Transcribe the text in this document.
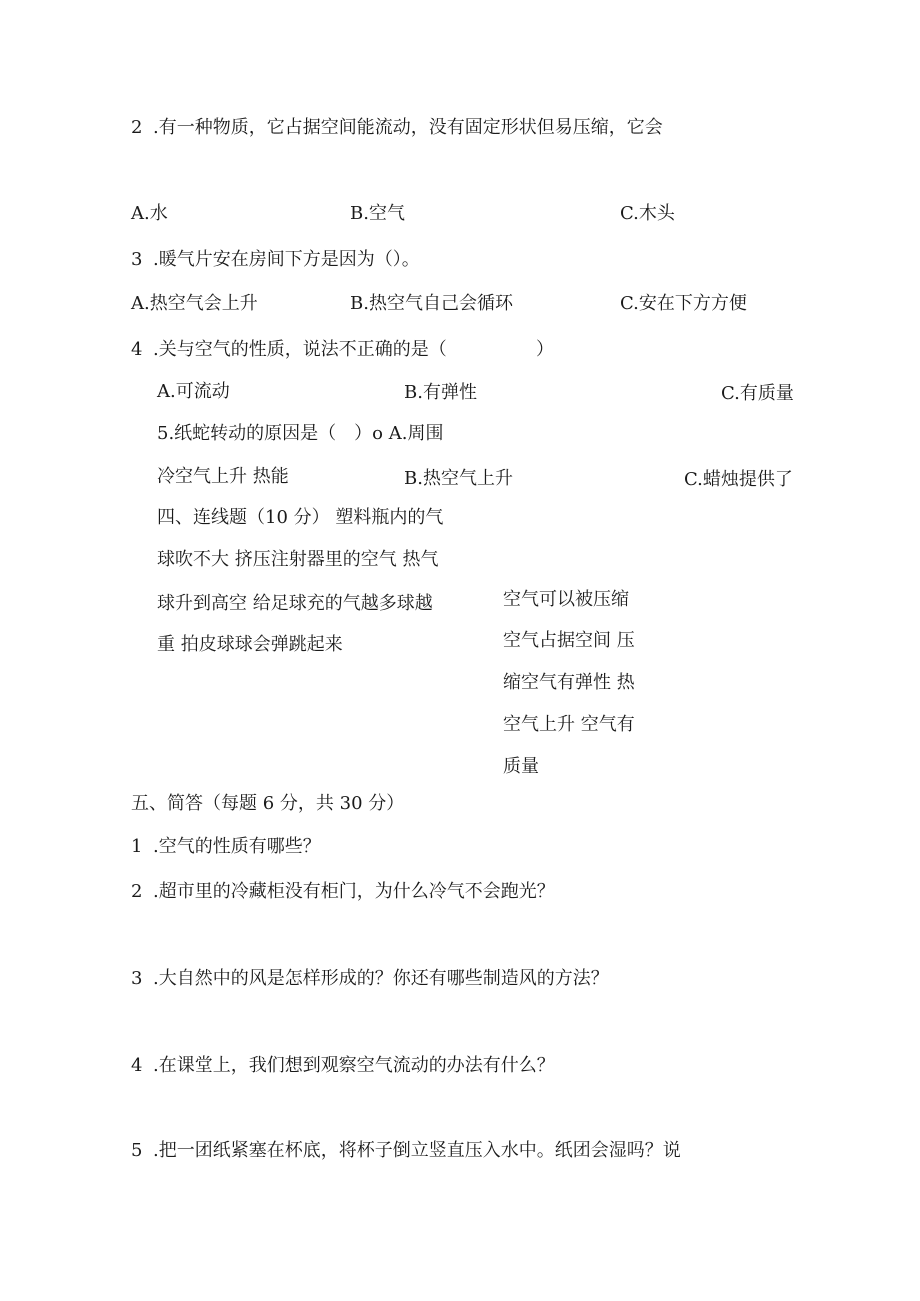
2 .有一种物质，它占据空间能流动，没有固定形状但易压缩，它会
A.水	B.空气	C.木头
3 .暖气片安在房间下方是因为（）。
A.热空气会上升	B.热空气自己会循环	C.安在下方方便
4 .关与空气的性质，说法不正确的是（	）
A.可流动	B.有弹性	C.有质量
5.纸蛇转动的原因是（　）o A.周围
冷空气上升 热能	B.热空气上升	C.蜡烛提供了
四、连线题（10 分） 塑料瓶内的气
球吹不大 挤压注射器里的空气 热气
球升到高空 给足球充的气越多球越
重 拍皮球球会弹跳起来
空气可以被压缩
空气占据空间 压
缩空气有弹性 热
空气上升 空气有
质量
五、简答（每题 6 分，共 30 分）
1 .空气的性质有哪些？
2 .超市里的冷藏柜没有柜门，为什么冷气不会跑光？
3 .大自然中的风是怎样形成的？你还有哪些制造风的方法？
4 .在课堂上，我们想到观察空气流动的办法有什么？
5 .把一团纸紧塞在杯底，将杯子倒立竖直压入水中。纸团会湿吗？说
